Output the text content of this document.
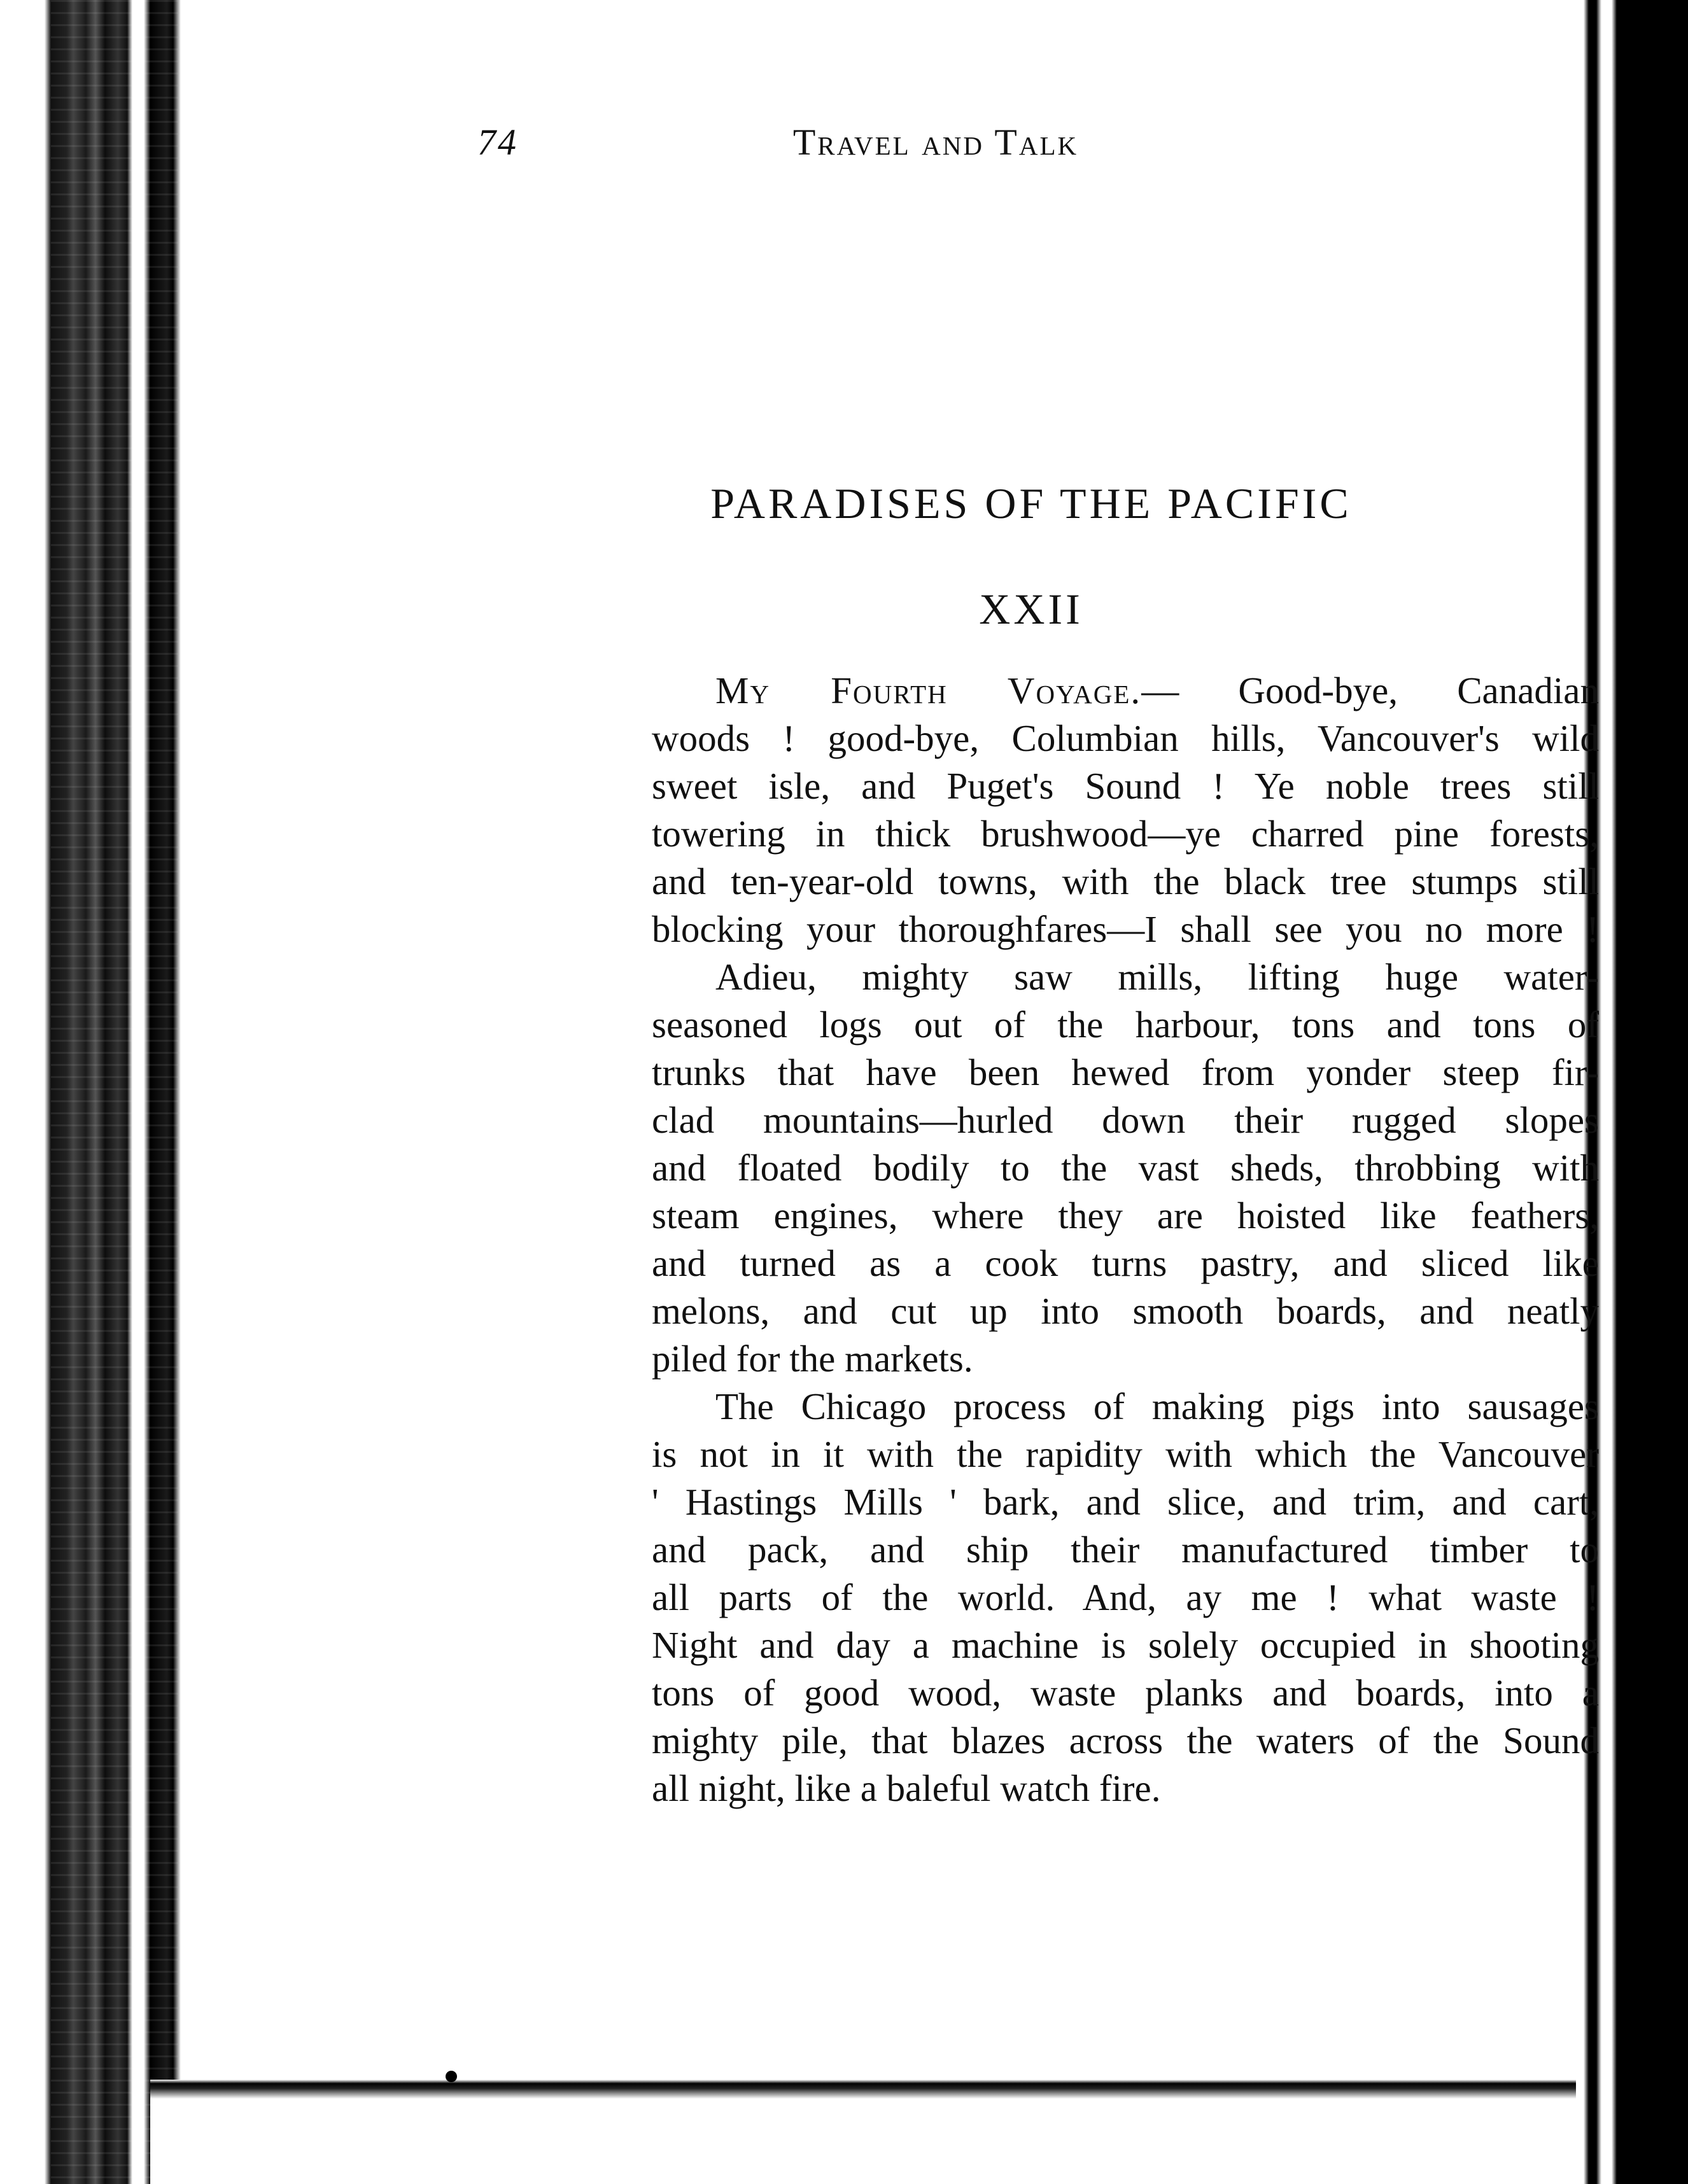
74	Travel and Talk
PARADISES OF THE PACIFIC
XXII
My Fourth Voyage.— Good-bye, Canadian
woods ! good-bye, Columbian hills, Vancouver's wild
sweet isle, and Puget's Sound ! Ye noble trees still
towering in thick brushwood—ye charred pine forests,
and ten-year-old towns, with the black tree stumps still
blocking your thoroughfares—I shall see you no more !
Adieu, mighty saw mills, lifting huge water-
seasoned logs out of the harbour, tons and tons of
trunks that have been hewed from yonder steep fir-
clad mountains—hurled down their rugged slopes
and floated bodily to the vast sheds, throbbing with
steam engines, where they are hoisted like feathers,
and turned as a cook turns pastry, and sliced like
melons, and cut up into smooth boards, and neatly
piled for the markets.
The Chicago process of making pigs into sausages
is not in it with the rapidity with which the Vancouver
' Hastings Mills ' bark, and slice, and trim, and cart,
and pack, and ship their manufactured timber to
all parts of the world. And, ay me ! what waste !
Night and day a machine is solely occupied in shooting
tons of good wood, waste planks and boards, into a
mighty pile, that blazes across the waters of the Sound
all night, like a baleful watch fire.
